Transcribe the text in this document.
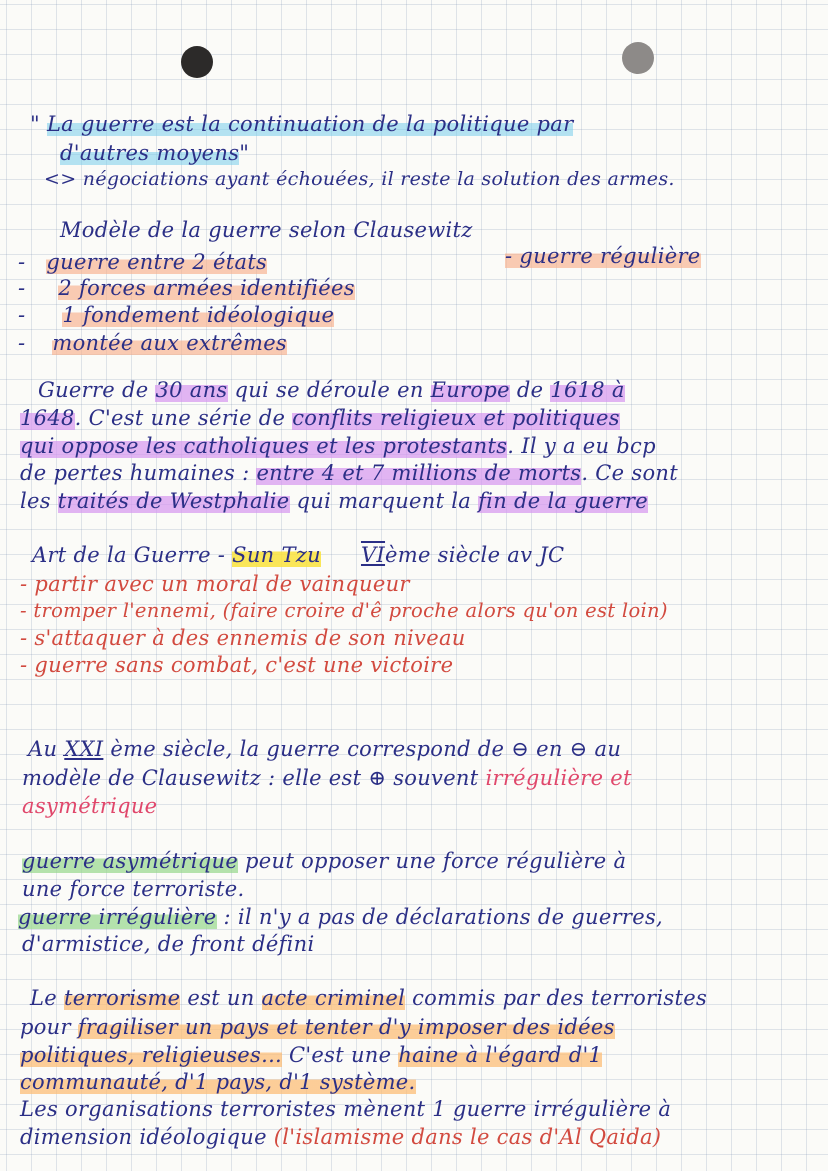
" La guerre est la continuation de la politique par
d'autres moyens"
<> négociations ayant échouées, il reste la solution des armes.
Modèle de la guerre selon Clausewitz
- guerre entre 2 états	- guerre régulière
- 2 forces armées identifiées
- 1 fondement idéologique
- montée aux extrêmes
Guerre de 30 ans qui se déroule en Europe de 1618 à
1648. C'est une série de conflits religieux et politiques
qui oppose les catholiques et les protestants. Il y a eu bcp
de pertes humaines : entre 4 et 7 millions de morts. Ce sont
les traités de Westphalie qui marquent la fin de la guerre
Art de la Guerre - Sun Tzu VIème siècle av JC
- partir avec un moral de vainqueur
- tromper l'ennemi, (faire croire d'ê proche alors qu'on est loin)
- s'attaquer à des ennemis de son niveau
- guerre sans combat, c'est une victoire
Au XXI ème siècle, la guerre correspond de ⊖ en ⊖ au
modèle de Clausewitz : elle est ⊕ souvent irrégulière et
asymétrique
guerre asymétrique peut opposer une force régulière à
une force terroriste.
guerre irrégulière : il n'y a pas de déclarations de guerres,
d'armistice, de front défini
Le terrorisme est un acte criminel commis par des terroristes
pour fragiliser un pays et tenter d'y imposer des idées
politiques, religieuses... C'est une haine à l'égard d'1
communauté, d'1 pays, d'1 système.
Les organisations terroristes mènent 1 guerre irrégulière à
dimension idéologique (l'islamisme dans le cas d'Al Qaida)
